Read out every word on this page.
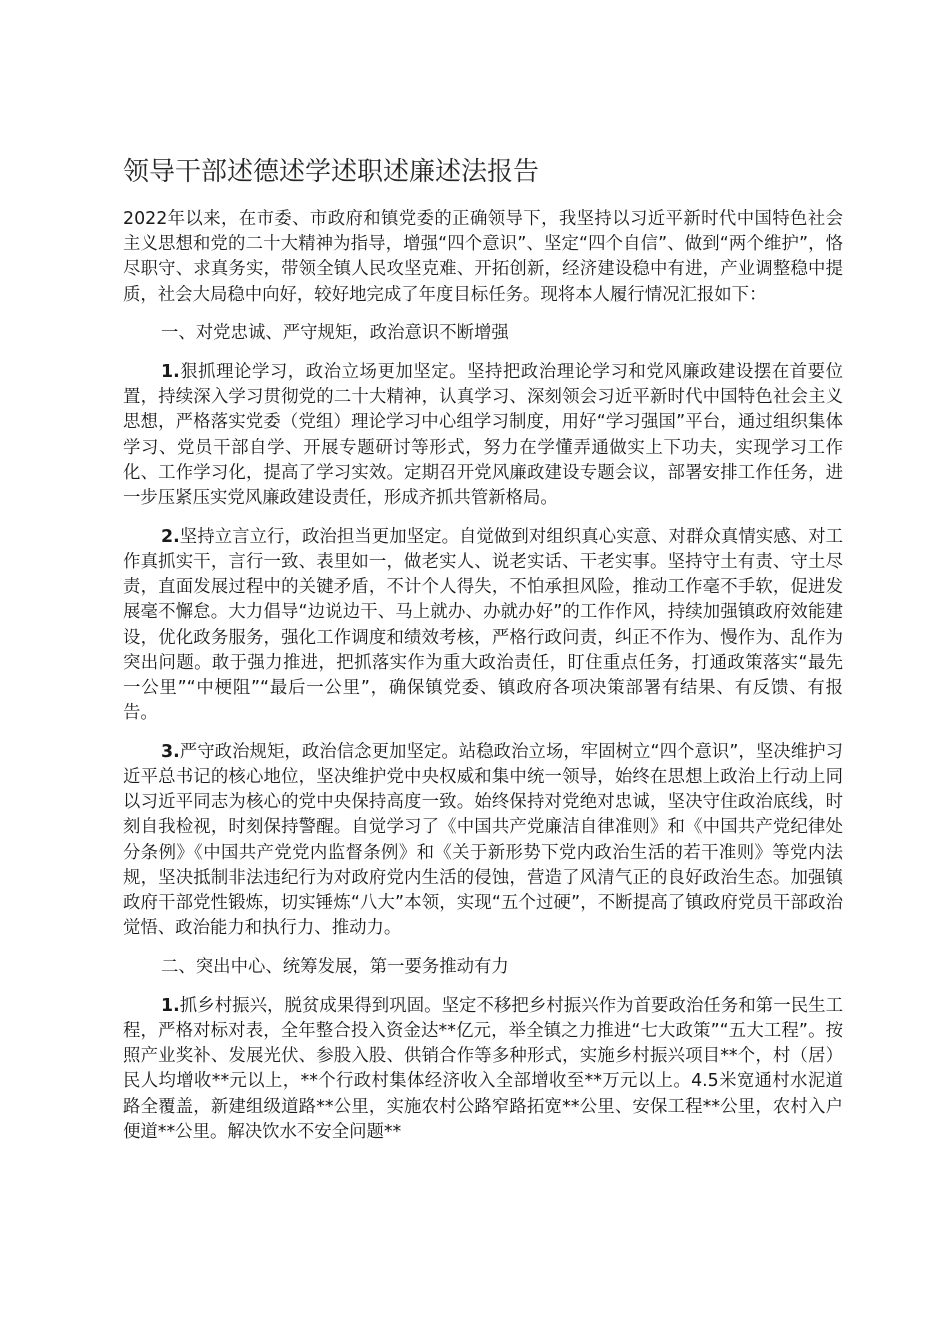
领导干部述德述学述职述廉述法报告

2022年以来，在市委、市政府和镇党委的正确领导下，我坚持以习近平新时代中国特色社会主义思想和党的二十大精神为指导，增强“四个意识”、坚定“四个自信”、做到“两个维护”，恪尽职守、求真务实，带领全镇人民攻坚克难、开拓创新，经济建设稳中有进，产业调整稳中提质，社会大局稳中向好，较好地完成了年度目标任务。现将本人履行情况汇报如下：

一、对党忠诚、严守规矩，政治意识不断增强

1.狠抓理论学习，政治立场更加坚定。坚持把政治理论学习和党风廉政建设摆在首要位置，持续深入学习贯彻党的二十大精神，认真学习、深刻领会习近平新时代中国特色社会主义思想，严格落实党委（党组）理论学习中心组学习制度，用好“学习强国”平台，通过组织集体学习、党员干部自学、开展专题研讨等形式，努力在学懂弄通做实上下功夫，实现学习工作化、工作学习化，提高了学习实效。定期召开党风廉政建设专题会议，部署安排工作任务，进一步压紧压实党风廉政建设责任，形成齐抓共管新格局。

2.坚持立言立行，政治担当更加坚定。自觉做到对组织真心实意、对群众真情实感、对工作真抓实干，言行一致、表里如一，做老实人、说老实话、干老实事。坚持守土有责、守土尽责，直面发展过程中的关键矛盾，不计个人得失，不怕承担风险，推动工作毫不手软，促进发展毫不懈怠。大力倡导“边说边干、马上就办、办就办好”的工作作风，持续加强镇政府效能建设，优化政务服务，强化工作调度和绩效考核，严格行政问责，纠正不作为、慢作为、乱作为突出问题。敢于强力推进，把抓落实作为重大政治责任，盯住重点任务，打通政策落实“最先一公里”“中梗阻”“最后一公里”，确保镇党委、镇政府各项决策部署有结果、有反馈、有报告。

3.严守政治规矩，政治信念更加坚定。站稳政治立场，牢固树立“四个意识”，坚决维护习近平总书记的核心地位，坚决维护党中央权威和集中统一领导，始终在思想上政治上行动上同以习近平同志为核心的党中央保持高度一致。始终保持对党绝对忠诚，坚决守住政治底线，时刻自我检视，时刻保持警醒。自觉学习了《中国共产党廉洁自律准则》和《中国共产党纪律处分条例》《中国共产党党内监督条例》和《关于新形势下党内政治生活的若干准则》等党内法规，坚决抵制非法违纪行为对政府党内生活的侵蚀，营造了风清气正的良好政治生态。加强镇政府干部党性锻炼，切实锤炼“八大”本领，实现“五个过硬”，不断提高了镇政府党员干部政治觉悟、政治能力和执行力、推动力。

二、突出中心、统筹发展，第一要务推动有力

1.抓乡村振兴，脱贫成果得到巩固。坚定不移把乡村振兴作为首要政治任务和第一民生工程，严格对标对表，全年整合投入资金达**亿元，举全镇之力推进“七大政策”“五大工程”。按照产业奖补、发展光伏、参股入股、供销合作等多种形式，实施乡村振兴项目**个，村（居）民人均增收**元以上，**个行政村集体经济收入全部增收至**万元以上。4.5米宽通村水泥道路全覆盖，新建组级道路**公里，实施农村公路窄路拓宽**公里、安保工程**公里，农村入户便道**公里。解决饮水不安全问题**
